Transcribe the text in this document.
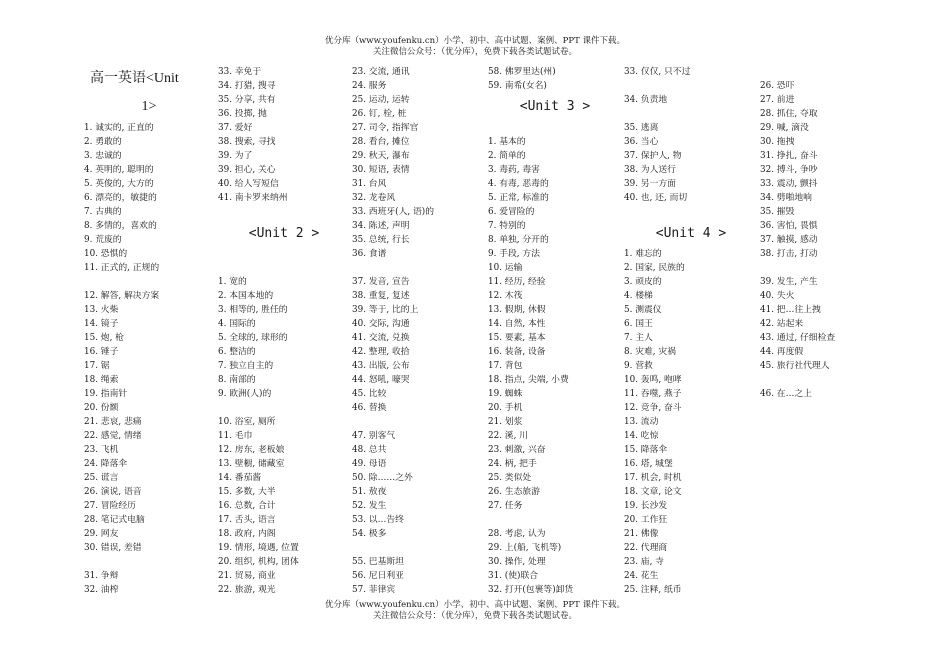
优分库（www.youfenku.cn）小学、初中、高中试题、案例、PPT 课件下载。
关注微信公众号：（优分库），免费下载各类试题试卷。
高一英语<Unit
1>
1. 诚实的, 正直的
2. 勇敢的
3. 忠诚的
4. 英明的, 聪明的
5. 英俊的, 大方的
6. 漂亮的，敏捷的
7. 古典的
8. 多情的，喜欢的
9. 荒废的
10. 恐惧的
11. 正式的, 正规的
12. 解答, 解决方案
13. 火柴
14. 镜子
15. 炮, 枪
16. 锤子
17. 锯
18. 绳索
19. 指南针
20. 份额
21. 悲哀, 悲痛
22. 感觉, 情绪
23. 飞机
24. 降落伞
25. 谎言
26. 演说, 语音
27. 冒险经历
28. 笔记式电脑
29. 网友
30. 错误, 差错
31. 争辩
32. 油榨
33. 幸免于
34. 打猎, 搜寻
35. 分享, 共有
36. 投掷, 抛
37. 爱好
38. 搜索, 寻找
39. 为了
39. 担心, 关心
40. 给人写短信
41. 南卡罗来纳州
1. 宽的
2. 本国本地的
3. 相等的, 胜任的
4. 国际的
5. 全球的, 球形的
6. 整洁的
7. 独立自主的
8. 南部的
9. 欧洲(人)的
10. 浴室, 厕所
11. 毛巾
12. 房东, 老板娘
13. 壁橱, 储藏室
14. 番茄酱
15. 多数, 大半
16. 总数, 合计
17. 舌头, 语言
18. 政府, 内阁
19. 情形, 境遇, 位置
20. 组织, 机构, 团体
21. 贸易, 商业
22. 旅游, 观光
<Unit 2 >
23. 交流, 通讯
24. 服务
25. 运动, 运转
26. 钉, 栓, 桩
27. 司令, 指挥官
28. 看台, 摊位
29. 秋天, 瀑布
30. 短语, 表情
31. 台风
32. 龙卷风
33. 西班牙(人, 语)的
34. 陈述, 声明
35. 总统, 行长
36. 食谱
37. 发音, 宣告
38. 重复, 复述
39. 等于, 比的上
40. 交际, 沟通
41. 交流, 兑换
42. 整理, 收拾
43. 出版, 公布
44. 怒吼, 嚎哭
45. 比较
46. 替换
47. 别客气
48. 总共
49. 母语
50. 除……之外
51. 敖夜
52. 发生
53. 以…告终
54. 极多
55. 巴基斯坦
56. 尼日利亚
57. 菲律宾
58. 佛罗里达(州)
59. 南希(女名)
1. 基本的
2. 简单的
3. 毒药, 毒害
4. 有毒, 恶毒的
5. 正常, 标准的
6. 爱冒险的
7. 特别的
8. 单独, 分开的
9. 手段, 方法
10. 运输
11. 经历, 经验
12. 木筏
13. 假期, 休假
14. 自然, 本性
15. 要素, 基本
16. 装备, 设备
17. 背包
18. 指点, 尖端, 小费
19. 蜘蛛
20. 手机
21. 划浆
22. 溪, 川
23. 刺激, 兴奋
24. 柄, 把手
25. 类似处
26. 生态旅游
27. 任务
28. 考虑, 认为
29. 上(船, 飞机等)
30. 操作, 处理
31. (使)联合
32. 打开(包裹等)卸货
<Unit 3 >
33. 仅仅, 只不过
34. 负责地
35. 逃离
36. 当心
37. 保护人, 物
38. 为人送行
39. 另一方面
40. 也, 还, 而切
1. 难忘的
2. 国家, 民族的
3. 顽皮的
4. 楼梯
5. 测震仪
6. 国王
7. 主人
8. 灾难, 灾祸
9. 营救
10. 轰鸣, 咆哮
11. 吞噬, 燕子
12. 竞争, 奋斗
13. 流动
14. 吃惊
15. 降落伞
16. 塔, 城堡
17. 机会, 时机
18. 文章, 论文
19. 长沙发
20. 工作狂
21. 佛像
22. 代理商
23. 庙, 寺
24. 花生
25. 注释, 纸币
<Unit 4 >
26. 恐吓
27. 前进
28. 抓住, 夺取
29. 喊, 滴没
30. 拖拽
31. 挣扎, 奋斗
32. 搏斗, 争吵
33. 震动, 颤抖
34. 劈啪地响
35. 摧毁
36. 害怕, 畏惧
37. 触摸, 感动
38. 打击, 打动
39. 发生, 产生
40. 失火
41. 把…往上拽
42. 站起来
43. 通过, 仔细检查
44. 再度假
45. 旅行社代理人
46. 在…之上
优分库（www.youfenku.cn）小学、初中、高中试题、案例、PPT 课件下载。
关注微信公众号：（优分库），免费下载各类试题试卷。
